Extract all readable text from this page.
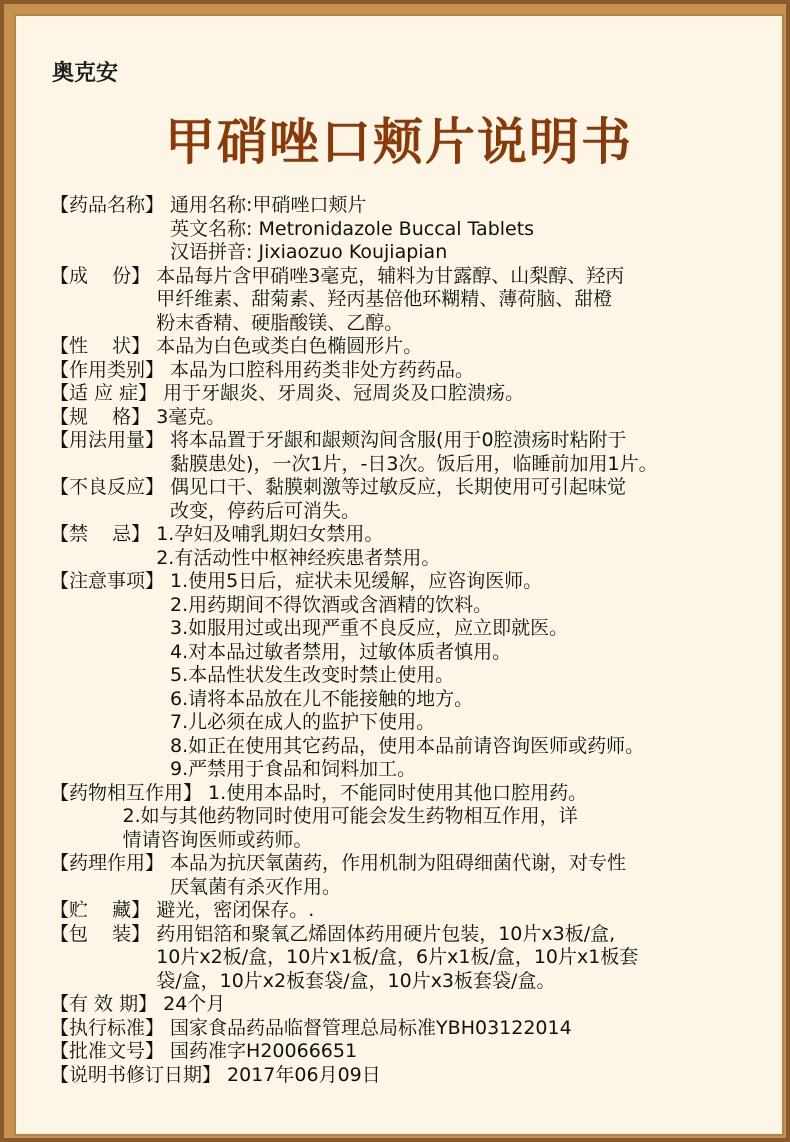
奥克安
甲硝唑口颊片说明书
【药品名称】 通用名称:甲硝唑口颊片
英文名称: Metronidazole Buccal Tablets
汉语拼音: Jixiaozuo Koujiapian
【成    份】 本品每片含甲硝唑3毫克，辅料为甘露醇、山梨醇、羟丙
甲纤维素、甜菊素、羟丙基倍他环糊精、薄荷脑、甜橙
粉末香精、硬脂酸镁、乙醇。
【性    状】 本品为白色或类白色椭圆形片。
【作用类别】 本品为口腔科用药类非处方药药品。
【适 应 症】 用于牙龈炎、牙周炎、冠周炎及口腔溃疡。
【规    格】 3毫克。
【用法用量】 将本品置于牙龈和龈颊沟间含服(用于0腔溃疡时粘附于
黏膜患处)，一次1片，-日3次。饭后用，临睡前加用1片。
【不良反应】 偶见口干、黏膜刺激等过敏反应，长期使用可引起味觉
改变，停药后可消失。
【禁    忌】 1.孕妇及哺乳期妇女禁用。
2.有活动性中枢神经疾患者禁用。
【注意事项】 1.使用5日后，症状未见缓解，应咨询医师。
2.用药期间不得饮酒或含酒精的饮料。
3.如服用过或出现严重不良反应，应立即就医。
4.对本品过敏者禁用，过敏体质者慎用。
5.本品性状发生改变时禁止使用。
6.请将本品放在儿不能接触的地方。
7.儿必须在成人的监护下使用。
8.如正在使用其它药品，使用本品前请咨询医师或药师。
9.严禁用于食品和饲料加工。
【药物相互作用】 1.使用本品时，不能同时使用其他口腔用药。

2.如与其他药物同时使用可能会发生药物相互作用，详
情请咨询医师或药师。
【药理作用】 本品为抗厌氧菌药，作用机制为阻碍细菌代谢，对专性
厌氧菌有杀灭作用。
【贮    藏】 避光，密闭保存。.
【包    装】 药用铝箔和聚氧乙烯固体药用硬片包装，10片x3板/盒,
10片x2板/盒，10片x1板/盒，6片x1板/盒，10片x1板套
袋/盒，10片x2板套袋/盒，10片x3板套袋/盒。
【有 效 期】 24个月
【执行标准】 国家食品药品临督管理总局标准YBH03122014
【批准文号】 国药准字H20066651
【说明书修订日期】 2017年06月09日
